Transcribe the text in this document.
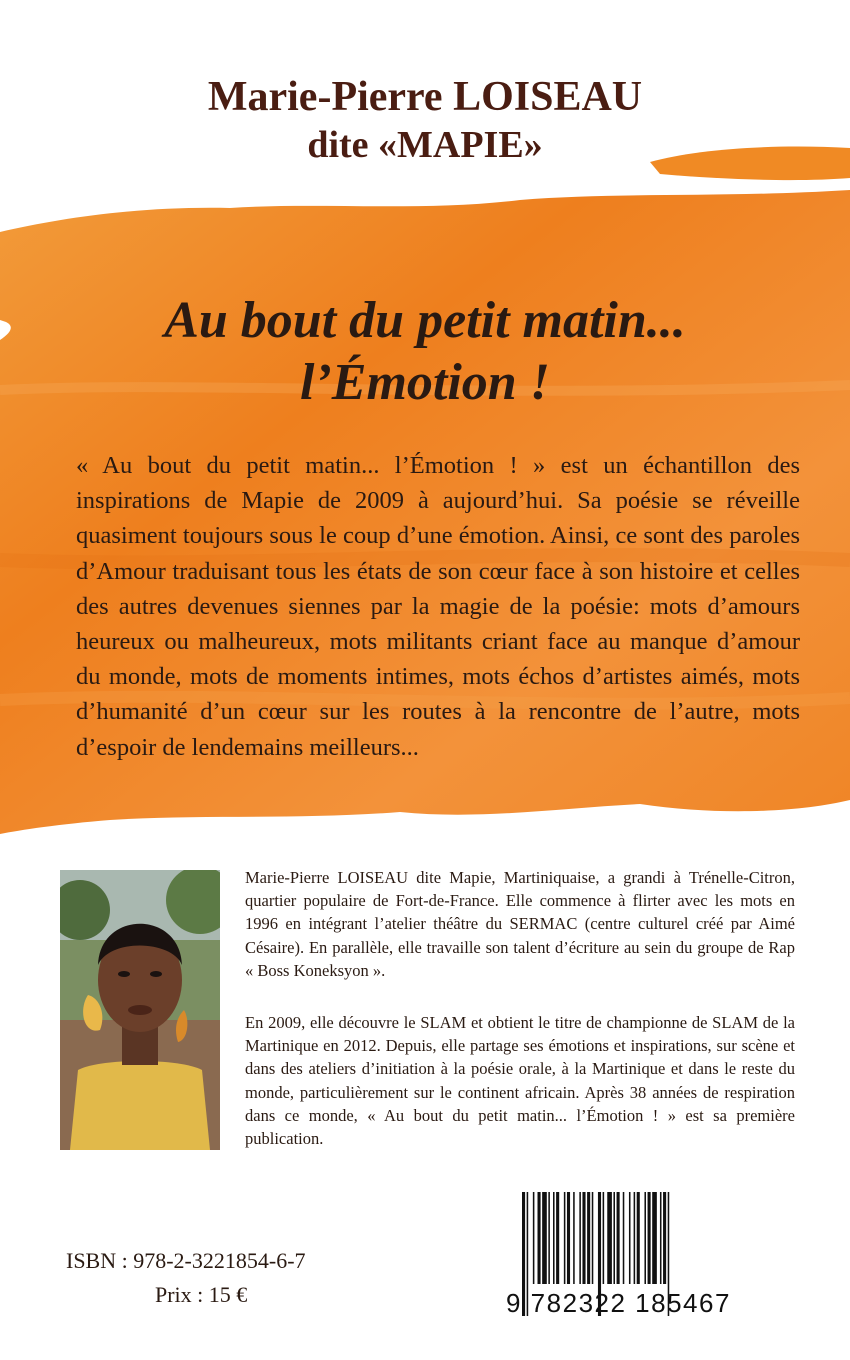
Marie-Pierre LOISEAU
dite «MAPIE»
Au bout du petit matin...
l’Émotion !
« Au bout du petit matin... l’Émotion ! » est un échantillon des inspirations de Mapie de 2009 à aujourd’hui. Sa poésie se réveille quasiment toujours sous le coup d’une émotion. Ainsi, ce sont des paroles d’Amour traduisant tous les états de son cœur face à son histoire et celles des autres devenues siennes par la magie de la poésie: mots d’amours heureux ou malheureux, mots militants criant face au manque d’amour du monde, mots de moments intimes, mots échos d’artistes aimés, mots d’humanité d’un cœur sur les routes à la rencontre de l’autre, mots d’espoir de lendemains meilleurs...
Marie-Pierre LOISEAU dite Mapie, Martiniquaise, a grandi à Trénelle-Citron, quartier populaire de Fort-de-France. Elle commence à flirter avec les mots en 1996 en intégrant l’atelier théâtre du SERMAC (centre culturel créé par Aimé Césaire). En parallèle, elle travaille son talent d’écriture au sein du groupe de Rap « Boss Koneksyon ».
En 2009, elle découvre le SLAM et obtient le titre de championne de SLAM de la Martinique en 2012. Depuis, elle partage ses émotions et inspirations, sur scène et dans des ateliers d’initiation à la poésie orale, à la Martinique et dans le reste du monde, particulièrement sur le continent africain. Après 38 années de respiration dans ce monde, « Au bout du petit matin... l’Émotion ! » est sa première publication.
ISBN : 978-2-3221854-6-7
Prix : 15 €	9 782322 185467
